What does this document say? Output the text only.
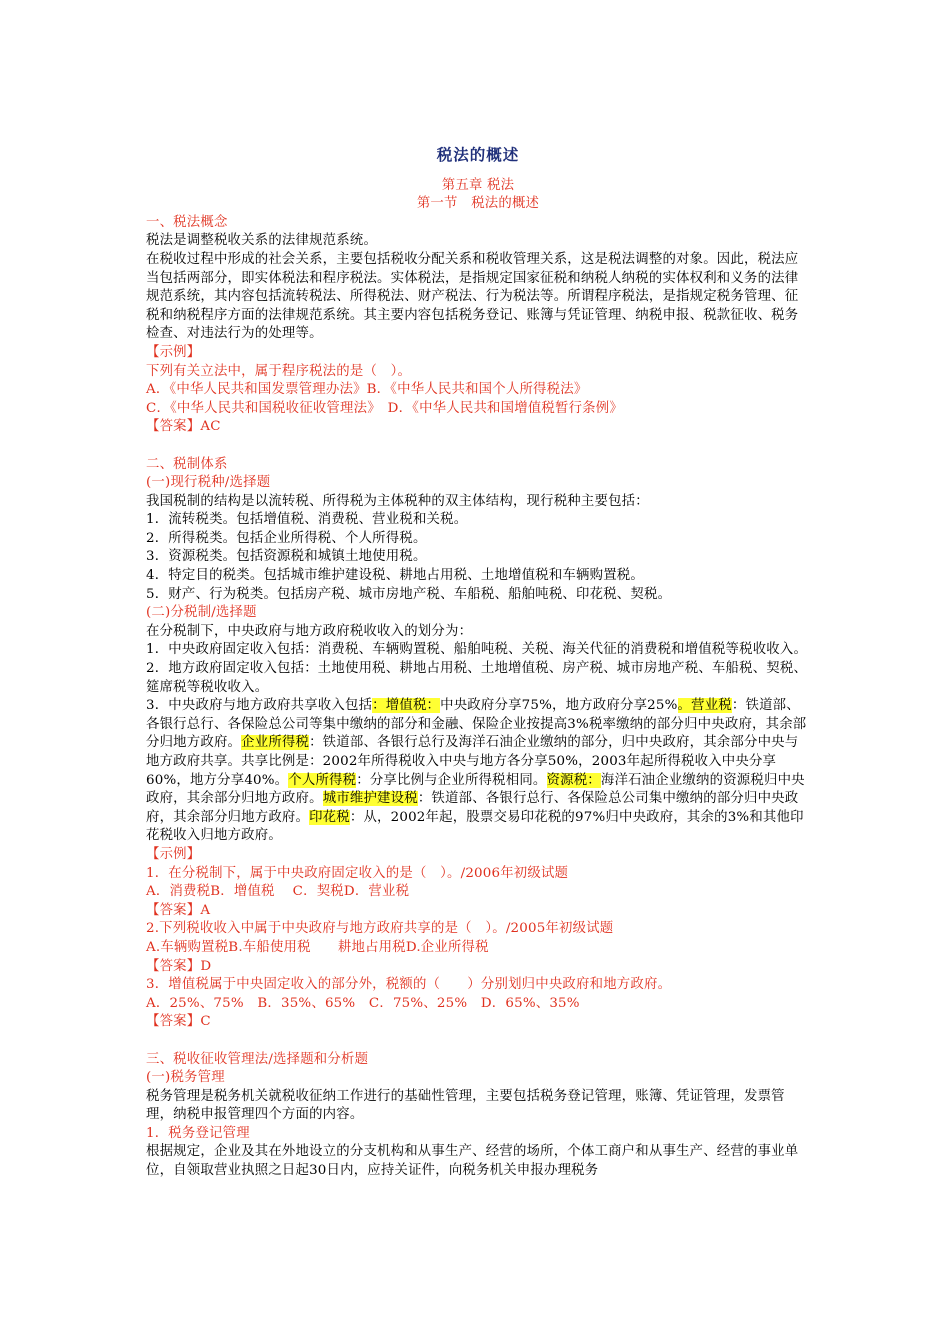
税法的概述

第五章 税法

第一节　税法的概述

一、税法概念

税法是调整税收关系的法律规范系统。

在税收过程中形成的社会关系，主要包括税收分配关系和税收管理关系，这是税法调整的对象。因此，税法应当包括两部分，即实体税法和程序税法。实体税法，是指规定国家征税和纳税人纳税的实体权利和义务的法律规范系统，其内容包括流转税法、所得税法、财产税法、行为税法等。所谓程序税法，是指规定税务管理、征税和纳税程序方面的法律规范系统。其主要内容包括税务登记、账簿与凭证管理、纳税申报、税款征收、税务检查、对违法行为的处理等。

【示例】

下列有关立法中，属于程序税法的是（　）。

A．《中华人民共和国发票管理办法》B．《中华人民共和国个人所得税法》

C．《中华人民共和国税收征收管理法》　D．《中华人民共和国增值税暂行条例》

【答案】AC

二、税制体系

(一)现行税种/选择题

我国税制的结构是以流转税、所得税为主体税种的双主体结构，现行税种主要包括：

1．流转税类。包括增值税、消费税、营业税和关税。

2．所得税类。包括企业所得税、个人所得税。

3．资源税类。包括资源税和城镇土地使用税。

4．特定目的税类。包括城市维护建设税、耕地占用税、土地增值税和车辆购置税。

5．财产、行为税类。包括房产税、城市房地产税、车船税、船舶吨税、印花税、契税。

(二)分税制/选择题

在分税制下，中央政府与地方政府税收收入的划分为：

1．中央政府固定收入包括：消费税、车辆购置税、船舶吨税、关税、海关代征的消费税和增值税等税收收入。

2．地方政府固定收入包括：土地使用税、耕地占用税、土地增值税、房产税、城市房地产税、车船税、契税、筵席税等税收收入。

3．中央政府与地方政府共享收入包括：增值税：中央政府分享75%，地方政府分享25%。营业税：铁道部、各银行总行、各保险总公司等集中缴纳的部分和金融、保险企业按提高3%税率缴纳的部分归中央政府，其余部分归地方政府。企业所得税：铁道部、各银行总行及海洋石油企业缴纳的部分，归中央政府，其余部分中央与地方政府共享。共享比例是：2002年所得税收入中央与地方各分享50%，2003年起所得税收入中央分享60%，地方分享40%。个人所得税：分享比例与企业所得税相同。资源税：海洋石油企业缴纳的资源税归中央政府，其余部分归地方政府。城市维护建设税：铁道部、各银行总行、各保险总公司集中缴纳的部分归中央政府，其余部分归地方政府。印花税：从，2002年起，股票交易印花税的97%归中央政府，其余的3%和其他印花税收入归地方政府。

【示例】

1．在分税制下，属于中央政府固定收入的是（　）。/2006年初级试题

A．消费税B．增值税　 C．契税D．营业税

【答案】A

2.下列税收收入中属于中央政府与地方政府共享的是（　）。/2005年初级试题

A.车辆购置税B.车船使用税　　耕地占用税D.企业所得税

【答案】D

3．增值税属于中央固定收入的部分外，税额的（　　）分别划归中央政府和地方政府。

A．25%、75%　B．35%、65%　C．75%、25%　D．65%、35%

【答案】C

三、税收征收管理法/选择题和分析题

(一)税务管理

税务管理是税务机关就税收征纳工作进行的基础性管理，主要包括税务登记管理，账簿、凭证管理，发票管理，纳税申报管理四个方面的内容。

1．税务登记管理

根据规定，企业及其在外地设立的分支机构和从事生产、经营的场所，个体工商户和从事生产、经营的事业单位，自领取营业执照之日起30日内，应持关证件，向税务机关申报办理税务
